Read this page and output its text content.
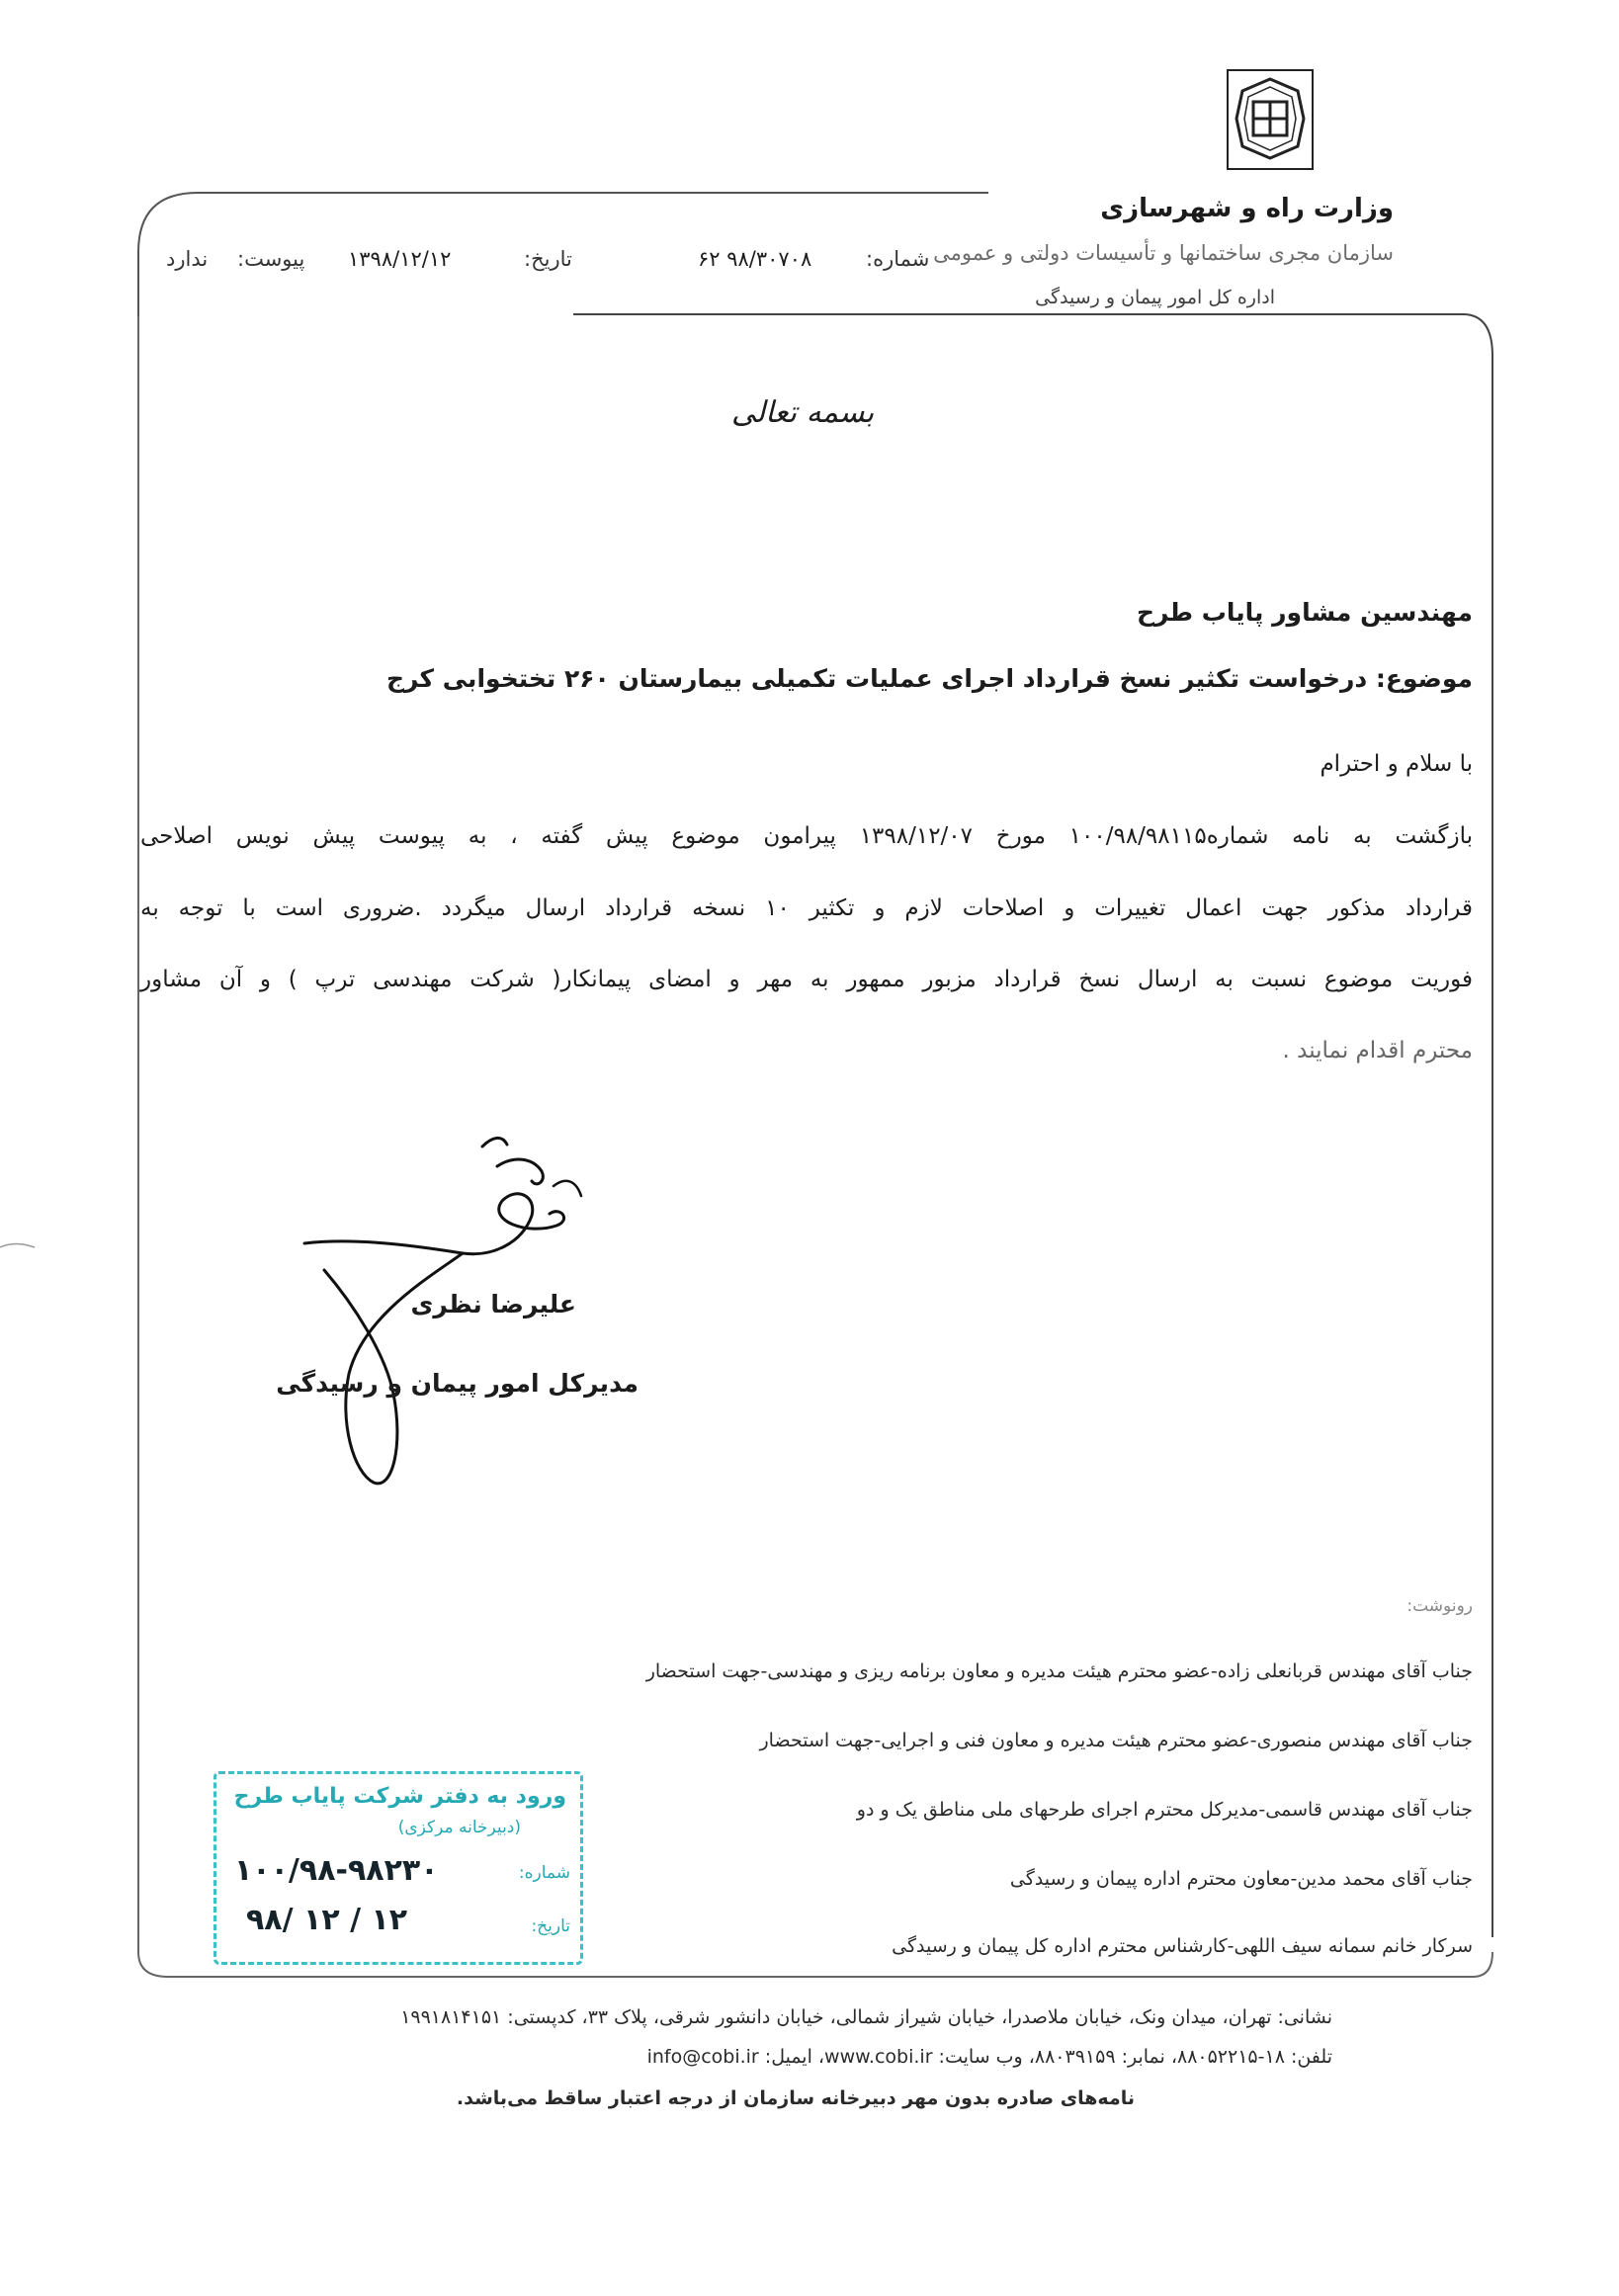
وزارت راه و شهرسازی
سازمان مجری ساختمانها و تأسیسات دولتی و عمومی
اداره کل امور پیمان و رسیدگی
شماره:
۶۲ ۹۸/۳۰۷۰۸
تاریخ:
۱۳۹۸/۱۲/۱۲
پیوست:
ندارد
بسمه تعالی
مهندسین مشاور پایاب طرح
موضوع: درخواست تکثیر نسخ قرارداد اجرای عملیات تکمیلی بیمارستان ۲۶۰ تختخوابی کرج
با سلام و احترام
بازگشت به نامه شماره۱۰۰/۹۸/۹۸۱۱۵ مورخ ۱۳۹۸/۱۲/۰۷ پیرامون موضوع پیش گفته ، به پیوست پیش نویس اصلاحی
قرارداد مذکور جهت اعمال تغییرات و اصلاحات لازم و تکثیر ۱۰ نسخه قرارداد ارسال میگردد .ضروری است با توجه به
فوریت موضوع نسبت به ارسال نسخ قرارداد مزبور ممهور به مهر و امضای پیمانکار( شرکت مهندسی ترپ ) و آن مشاور
محترم اقدام نمایند .
علیرضا نظری
مدیرکل امور پیمان و رسیدگی
رونوشت:
جناب آقای مهندس قربانعلی زاده-عضو محترم هیئت مدیره و معاون برنامه ریزی و مهندسی-جهت استحضار
جناب آقای مهندس منصوری-عضو محترم هیئت مدیره و معاون فنی و اجرایی-جهت استحضار
جناب آقای مهندس قاسمی-مدیرکل محترم اجرای طرحهای ملی مناطق یک و دو
جناب آقای محمد مدین-معاون محترم اداره پیمان و رسیدگی
سرکار خانم سمانه سیف اللهی-کارشناس محترم اداره کل پیمان و رسیدگی
ورود به دفتر شرکت پایاب طرح
(دبیرخانه مرکزی)
شماره:
۱۰۰/۹۸-۹۸۲۳۰
تاریخ:
۹۸/ ۱۲ / ۱۲
نشانی: تهران، میدان ونک، خیابان ملاصدرا، خیابان شیراز شمالی، خیابان دانشور شرقی، پلاک ۳۳، کدپستی: ۱۹۹۱۸۱۴۱۵۱
تلفن: ۱۸-۸۸۰۵۲۲۱۵، نمابر: ۸۸۰۳۹۱۵۹، وب سایت: www.cobi.ir، ایمیل: info@cobi.ir
نامه‌های صادره بدون مهر دبیرخانه سازمان از درجه اعتبار ساقط می‌باشد.
